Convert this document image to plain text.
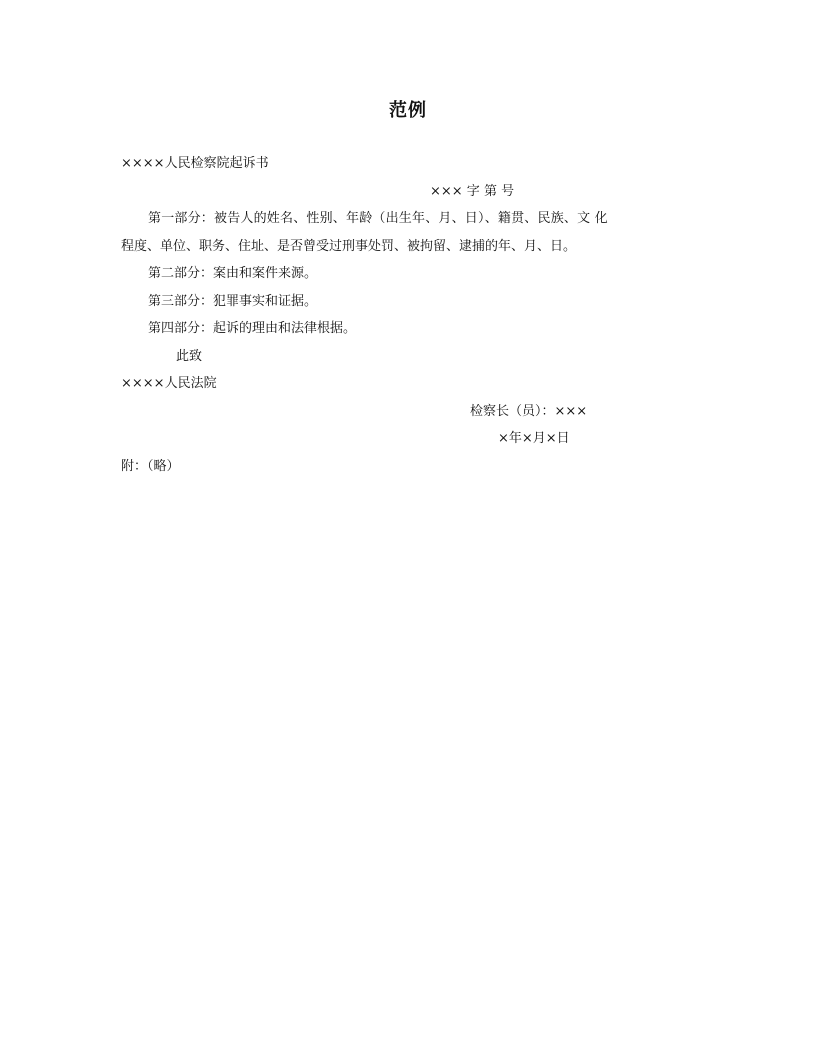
范例
××××人民检察院起诉书
××× 字 第 号
第一部分：被告人的姓名、性别、年龄（出生年、月、日）、籍贯、民族、文 化
程度、单位、职务、住址、是否曾受过刑事处罚、被拘留、逮捕的年、月、日。
第二部分：案由和案件来源。
第三部分：犯罪事实和证据。
第四部分：起诉的理由和法律根据。
此致
××××人民法院
检察长（员）：×××
×年×月×日
附：（略）
